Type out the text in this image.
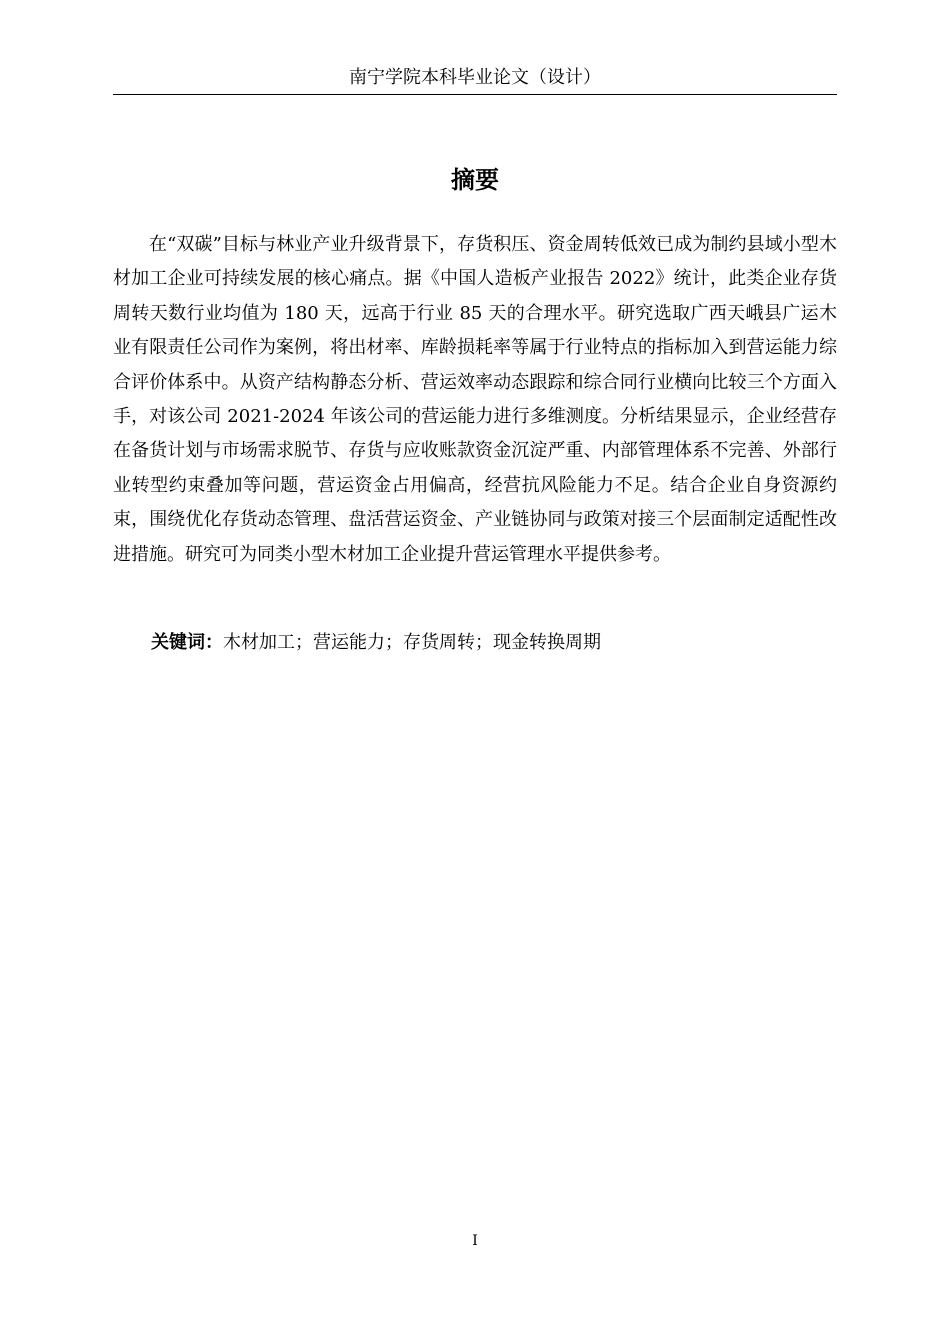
南宁学院本科毕业论文（设计）
摘要

在“双碳”目标与林业产业升级背景下，存货积压、资金周转低效已成为制约县域小型木材加工企业可持续发展的核心痛点。据《中国人造板产业报告 2022》统计，此类企业存货周转天数行业均值为 180 天，远高于行业 85 天的合理水平。研究选取广西天峨县广运木业有限责任公司作为案例，将出材率、库龄损耗率等属于行业特点的指标加入到营运能力综合评价体系中。从资产结构静态分析、营运效率动态跟踪和综合同行业横向比较三个方面入手，对该公司 2021-2024 年该公司的营运能力进行多维测度。分析结果显示，企业经营存在备货计划与市场需求脱节、存货与应收账款资金沉淀严重、内部管理体系不完善、外部行业转型约束叠加等问题，营运资金占用偏高，经营抗风险能力不足。结合企业自身资源约束，围绕优化存货动态管理、盘活营运资金、产业链协同与政策对接三个层面制定适配性改进措施。研究可为同类小型木材加工企业提升营运管理水平提供参考。

关键词：木材加工；营运能力；存货周转；现金转换周期
I
